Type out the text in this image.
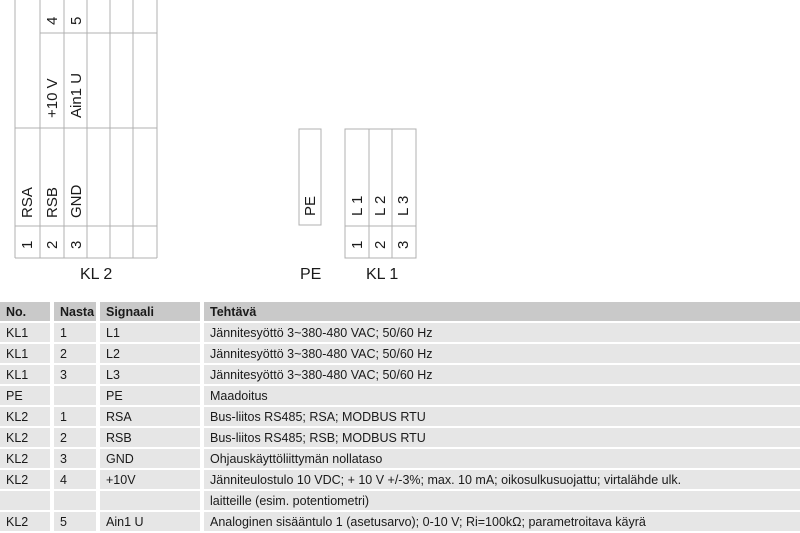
4 5
+10 V Ain1 U
RSA RSB GND
1 2 3
KL 2
PE
PE
L 1 L 2 L 3
1 2 3
KL 1
No.		Nasta		Signaali		Tehtävä
KL1		1		L1		Jännitesyöttö 3~380-480 VAC; 50/60 Hz
KL1		2		L2		Jännitesyöttö 3~380-480 VAC; 50/60 Hz
KL1		3		L3		Jännitesyöttö 3~380-480 VAC; 50/60 Hz
PE				PE		Maadoitus
KL2		1		RSA		Bus-liitos RS485; RSA; MODBUS RTU
KL2		2		RSB		Bus-liitos RS485; RSB; MODBUS RTU
KL2		3		GND		Ohjauskäyttöliittymän nollataso
KL2		4		+10V		Jänniteulostulo 10 VDC; + 10 V +/-3%; max. 10 mA; oikosulkusuojattu; virtalähde ulk.
						laitteille (esim. potentiometri)
KL2		5		Ain1 U		Analoginen sisääntulo 1 (asetusarvo); 0-10 V; Ri=100kΩ; parametroitava käyrä
